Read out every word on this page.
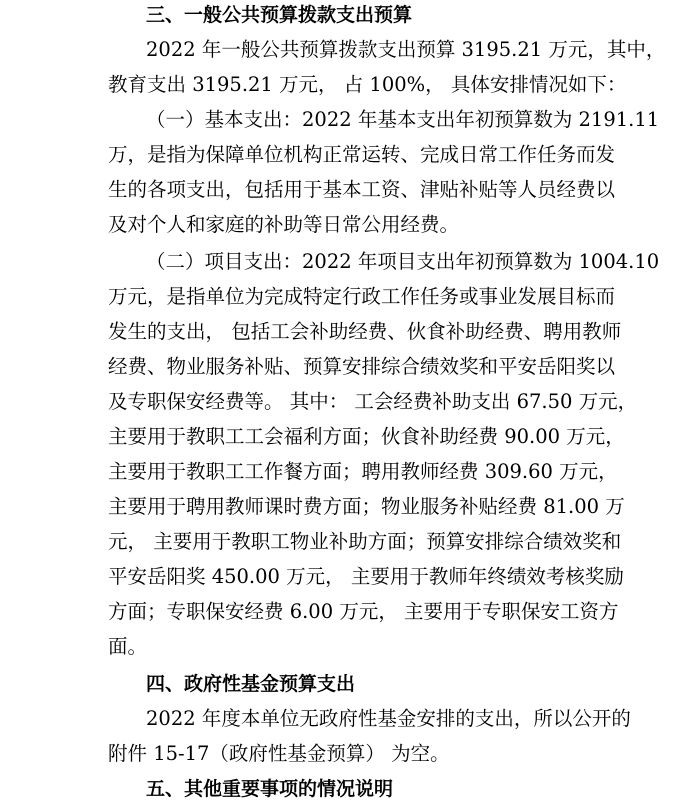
三、一般公共预算拨款支出预算
2022 年一般公共预算拨款支出预算 3195.21 万元，其中，
教育支出 3195.21 万元， 占 100%， 具体安排情况如下：
（一）基本支出：2022 年基本支出年初预算数为 2191.11
万，是指为保障单位机构正常运转、完成日常工作任务而发
生的各项支出，包括用于基本工资、津贴补贴等人员经费以
及对个人和家庭的补助等日常公用经费。
（二）项目支出：2022 年项目支出年初预算数为 1004.10
万元，是指单位为完成特定行政工作任务或事业发展目标而
发生的支出， 包括工会补助经费、伙食补助经费、聘用教师
经费、物业服务补贴、预算安排综合绩效奖和平安岳阳奖以
及专职保安经费等。 其中： 工会经费补助支出 67.50 万元，
主要用于教职工工会福利方面；伙食补助经费 90.00 万元，
主要用于教职工工作餐方面；聘用教师经费 309.60 万元，
主要用于聘用教师课时费方面；物业服务补贴经费 81.00 万
元， 主要用于教职工物业补助方面；预算安排综合绩效奖和
平安岳阳奖 450.00 万元， 主要用于教师年终绩效考核奖励
方面；专职保安经费 6.00 万元， 主要用于专职保安工资方
面。
四、政府性基金预算支出
2022 年度本单位无政府性基金安排的支出，所以公开的
附件 15-17（政府性基金预算） 为空。
五、其他重要事项的情况说明
